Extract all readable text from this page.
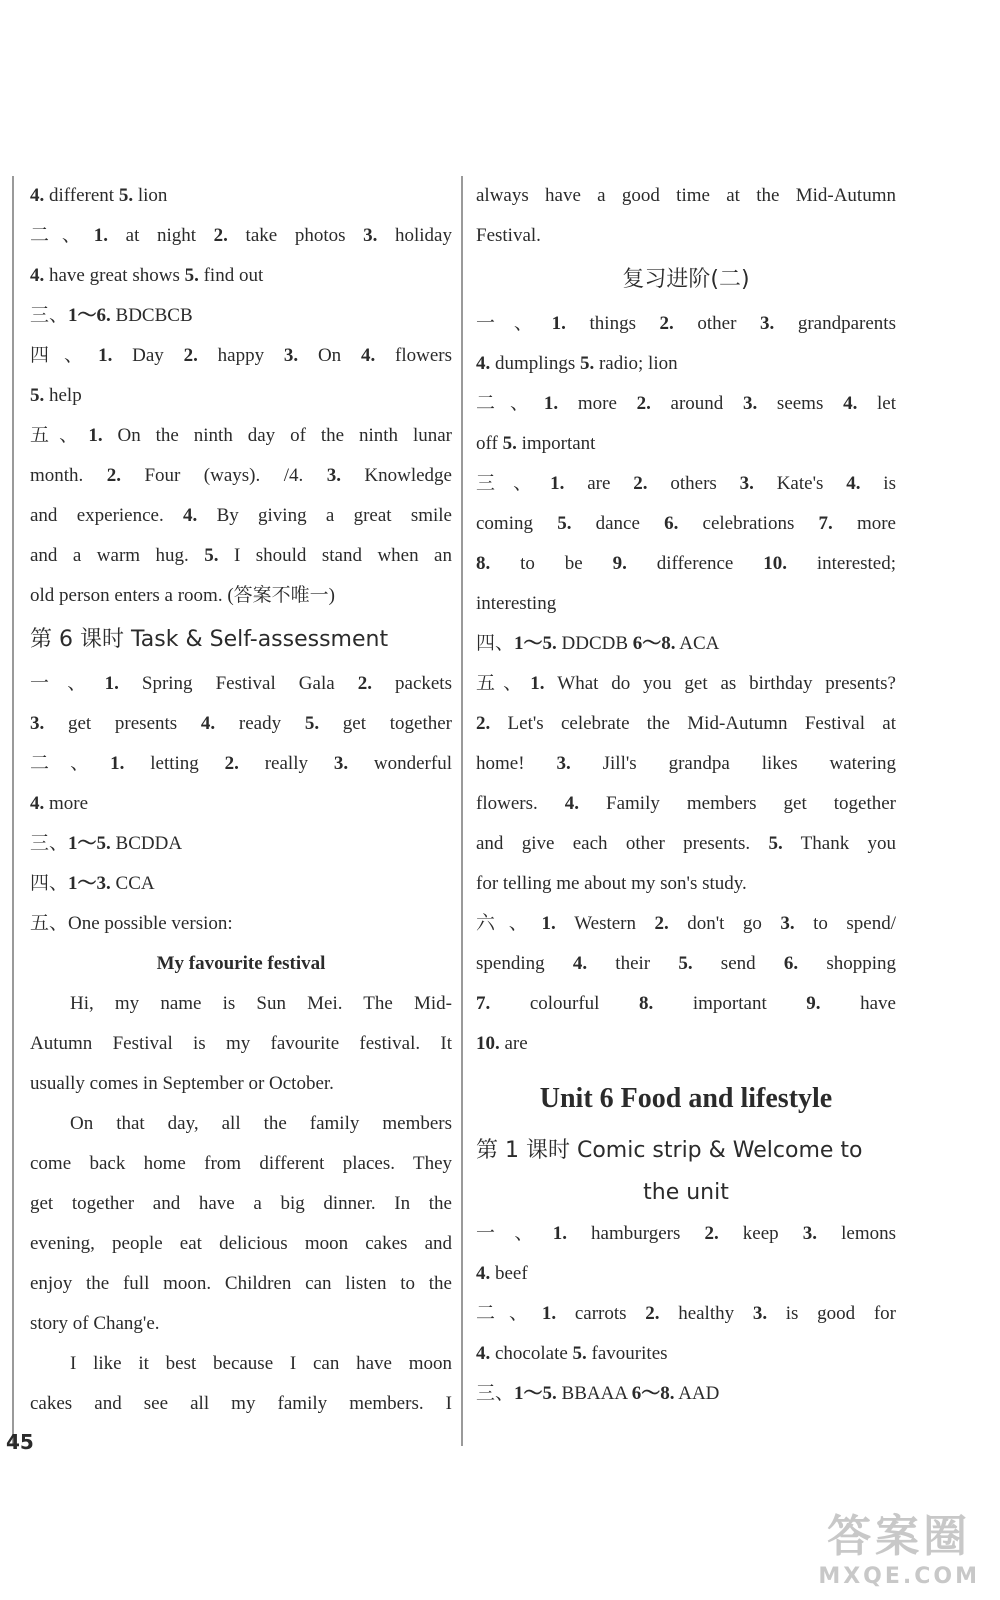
4. different 5. lion
二、1. at night 2. take photos 3. holiday
4. have great shows 5. find out
三、1～6. BDCBCB
四、1. Day 2. happy 3. On 4. flowers
5. help
五、1. On the ninth day of the ninth lunar
month. 2. Four (ways). /4. 3. Knowledge
and experience. 4. By giving a great smile
and a warm hug. 5. I should stand when an
old person enters a room. (答案不唯一)
第 6 课时 Task & Self-assessment
一、1. Spring Festival Gala 2. packets
3. get presents 4. ready 5. get together
二、1. letting 2. really 3. wonderful
4. more
三、1～5. BCDDA
四、1～3. CCA
五、One possible version:
My favourite festival
Hi, my name is Sun Mei. The Mid-
Autumn Festival is my favourite festival. It
usually comes in September or October.
On that day, all the family members
come back home from different places. They
get together and have a big dinner. In the
evening, people eat delicious moon cakes and
enjoy the full moon. Children can listen to the
story of Chang'e.
I like it best because I can have moon
cakes and see all my family members. I
always have a good time at the Mid-Autumn
Festival.
复习进阶(二)
一、1. things 2. other 3. grandparents
4. dumplings 5. radio; lion
二、1. more 2. around 3. seems 4. let
off 5. important
三、1. are 2. others 3. Kate's 4. is
coming 5. dance 6. celebrations 7. more
8. to be 9. difference 10. interested;
interesting
四、1～5. DDCDB 6～8. ACA
五、1. What do you get as birthday presents?
2. Let's celebrate the Mid-Autumn Festival at
home! 3. Jill's grandpa likes watering
flowers. 4. Family members get together
and give each other presents. 5. Thank you
for telling me about my son's study.
六、1. Western 2. don't go 3. to spend/
spending 4. their 5. send 6. shopping
7. colourful 8. important 9. have
10. are
Unit 6 Food and lifestyle
第 1 课时 Comic strip & Welcome to
the unit
一、1. hamburgers 2. keep 3. lemons
4. beef
二、1. carrots 2. healthy 3. is good for
4. chocolate 5. favourites
三、1～5. BBAAA 6～8. AAD
45
答案圈
MXQE.COM
